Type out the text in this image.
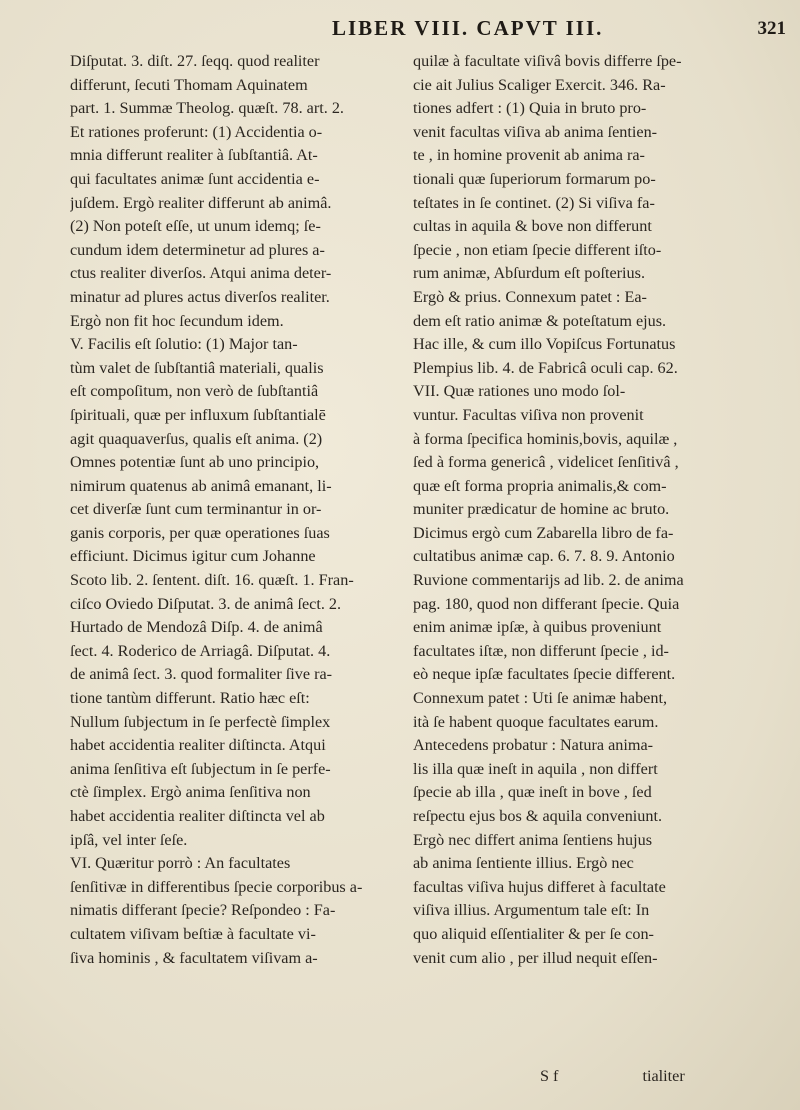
LIBER VIII. CAPVT III.	321
Diſputat. 3. diſt. 27. ſeqq. quod realiter
differunt, ſecuti Thomam Aquinatem
part. 1. Summæ Theolog. quæſt. 78. art. 2.
Et rationes proferunt: (1) Accidentia o-
mnia differunt realiter à ſubſtantiâ. At-
qui facultates animæ ſunt accidentia e-
juſdem. Ergò realiter differunt ab animâ.
(2) Non poteſt eſſe, ut unum idemq; ſe-
cundum idem determinetur ad plures a-
ctus realiter diverſos. Atqui anima deter-
minatur ad plures actus diverſos realiter.
Ergò non fit hoc ſecundum idem.
V. Facilis eſt ſolutio: (1) Major tan-
tùm valet de ſubſtantiâ materiali, qualis
eſt compoſitum, non verò de ſubſtantiâ
ſpirituali, quæ per influxum ſubſtantialē
agit quaquaverſus, qualis eſt anima. (2)
Omnes potentiæ ſunt ab uno principio,
nimirum quatenus ab animâ emanant, li-
cet diverſæ ſunt cum terminantur in or-
ganis corporis, per quæ operationes ſuas
efficiunt. Dicimus igitur cum Johanne
Scoto lib. 2. ſentent. diſt. 16. quæſt. 1. Fran-
ciſco Oviedo Diſputat. 3. de animâ ſect. 2.
Hurtado de Mendozâ Diſp. 4. de animâ
ſect. 4. Roderico de Arriagâ. Diſputat. 4.
de animâ ſect. 3. quod formaliter ſive ra-
tione tantùm differunt. Ratio hæc eſt:
Nullum ſubjectum in ſe perfectè ſimplex
habet accidentia realiter diſtincta. Atqui
anima ſenſitiva eſt ſubjectum in ſe perfe-
ctè ſimplex. Ergò anima ſenſitiva non
habet accidentia realiter diſtincta vel ab
ipſâ, vel inter ſeſe.
VI. Quæritur porrò : An facultates
ſenſitivæ in differentibus ſpecie corporibus a-
nimatis differant ſpecie? Reſpondeo : Fa-
cultatem viſivam beſtiæ à facultate vi-
ſiva hominis , & facultatem viſivam a-
quilæ à facultate viſivâ bovis differre ſpe-
cie ait Julius Scaliger Exercit. 346. Ra-
tiones adfert : (1) Quia in bruto pro-
venit facultas viſiva ab anima ſentien-
te , in homine provenit ab anima ra-
tionali quæ ſuperiorum formarum po-
teſtates in ſe continet. (2) Si viſiva fa-
cultas in aquila & bove non differunt
ſpecie , non etiam ſpecie different iſto-
rum animæ, Abſurdum eſt poſterius.
Ergò & prius. Connexum patet : Ea-
dem eſt ratio animæ & poteſtatum ejus.
Hac ille, & cum illo Vopiſcus Fortunatus
Plempius lib. 4. de Fabricâ oculi cap. 62.
VII. Quæ rationes uno modo ſol-
vuntur. Facultas viſiva non provenit
à forma ſpecifica hominis,bovis, aquilæ ,
ſed à forma genericâ , videlicet ſenſitivâ ,
quæ eſt forma propria animalis,& com-
muniter prædicatur de homine ac bruto.
Dicimus ergò cum Zabarella libro de fa-
cultatibus animæ cap. 6. 7. 8. 9. Antonio
Ruvione commentarijs ad lib. 2. de anima
pag. 180, quod non differant ſpecie. Quia
enim animæ ipſæ, à quibus proveniunt
facultates iſtæ, non differunt ſpecie , id-
eò neque ipſæ facultates ſpecie different.
Connexum patet : Uti ſe animæ habent,
ità ſe habent quoque facultates earum.
Antecedens probatur : Natura anima-
lis illa quæ ineſt in aquila , non differt
ſpecie ab illa , quæ ineſt in bove , ſed
reſpectu ejus bos & aquila conveniunt.
Ergò nec differt anima ſentiens hujus
ab anima ſentiente illius. Ergò nec
facultas viſiva hujus differet à facultate
viſiva illius. Argumentum tale eſt: In
quo aliquid eſſentialiter & per ſe con-
venit cum alio , per illud nequit eſſen-
S f	tialiter
